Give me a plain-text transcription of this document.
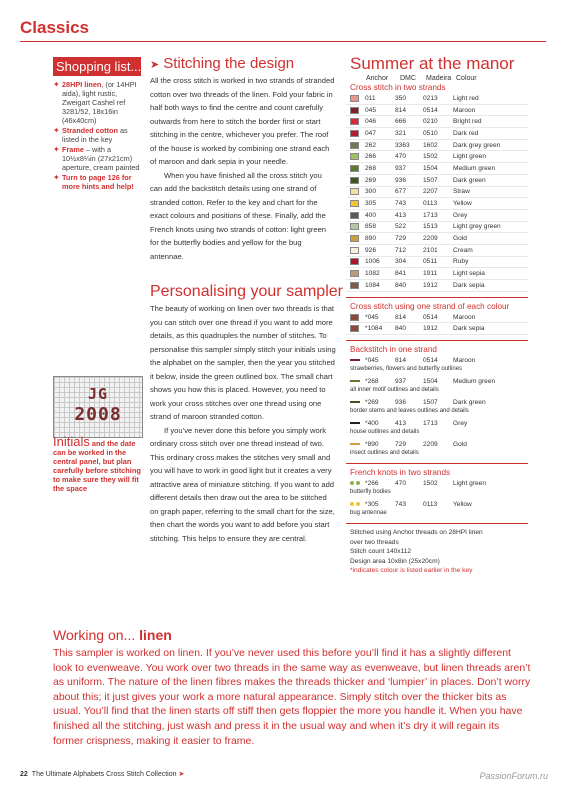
Classics
Shopping list...
✦ 28HPI linen, (or 14HPI aida), light rustic, Zweigart Cashel ref 3281/52, 18x16in (46x40cm)
✦ Stranded cotton as listed in the key
✦ Frame – with a 10½x8¼in (27x21cm) aperture, cream painted
✦ Turn to page 126 for more hints and help!
JG
2008
Initials and the date can be worked in the central panel, but plan carefully before stitching to make sure they will fit the space
➤ Stitching the design

All the cross stitch is worked in two strands of stranded cotton over two threads of the linen. Fold your fabric in half both ways to find the centre and count carefully outwards from here to stitch the border first or start stitching in the centre, whichever you prefer. The roof of the house is worked by combining one strand each of maroon and dark sepia in your needle.

When you have finished all the cross stitch you can add the backstitch details using one strand of stranded cotton. Refer to the key and chart for the exact colours and positions of these. Finally, add the French knots using two strands of cotton: light green for the butterfly bodies and yellow for the bug antennae.

Personalising your sampler

The beauty of working on linen over two threads is that you can stitch over one thread if you want to add more details, as this quadruples the number of stitches. To personalise this sampler simply stitch your initials using the alphabet on the sampler, then the year you stitched it below, inside the green outlined box. The small chart shows you how this is placed. However, you need to work your cross stitches over one thread using one strand of maroon stranded cotton.

If you’ve never done this before you simply work ordinary cross stitch over one thread instead of two. This ordinary cross makes the stitches very small and you will have to work in good light but it creates a very attractive area of miniature stitching. If you want to add different details then draw out the area to be stitched on graph paper, referring to the small chart for the size, then chart the words you want to add before you start stitching. This helps to ensure they are central.

Summer at the manor
Anchor	DMC	Madeira Colour
Cross stitch in two strands
011	350	0213	Light red
045	814	0514	Maroon
046	666	0210	Bright red
047	321	0510	Dark red
262	3363	1602	Dark grey green
266	470	1502	Light green
268	937	1504	Medium green
269	936	1507	Dark green
300	677	2207	Straw
305	743	0113	Yellow
400	413	1713	Grey
858	522	1513	Light grey green
890	729	2209	Gold
926	712	2101	Cream
1006	304	0511	Ruby
1082	841	1911	Light sepia
1084	840	1912	Dark sepia
Cross stitch using one strand of each colour
*045	814	0514	Maroon
*1084	840	1912	Dark sepia
Backstitch in one strand
*045	814	0514	Maroon
strawberries, flowers and butterfly outlines
*268	937	1504	Medium green
all inner motif outlines and details
*269	936	1507	Dark green
border stems and leaves outlines and details
*400	413	1713	Grey
house outlines and details
*890	729	2209	Gold
insect outlines and details
French knots in two strands
*266	470	1502	Light green
butterfly bodies
*305	743	0113	Yellow
bug antennae
Stitched using Anchor threads on 28HPI linen
over two threads
Stitch count 140x112
Design area 10x8in (25x20cm)
*indicates colour is listed earlier in the key
Working on... linen
This sampler is worked on linen. If you’ve never used this before you’ll find it has a slightly different look to evenweave. You work over two threads in the same way as evenweave, but linen threads aren’t as uniform. The nature of the linen fibres makes the threads thicker and ‘lumpier’ in places. Don’t worry about this; it just gives your work a more natural appearance. Simply stitch over the thicker bits as usual. You’ll find that the linen starts off stiff then gets floppier the more you handle it. When you have finished all the stitching, just wash and press it in the usual way and when it’s dry it will regain its former crispness, making it easier to frame.
22 The Ultimate Alphabets Cross Stitch Collection ➤	PassionForum.ru
